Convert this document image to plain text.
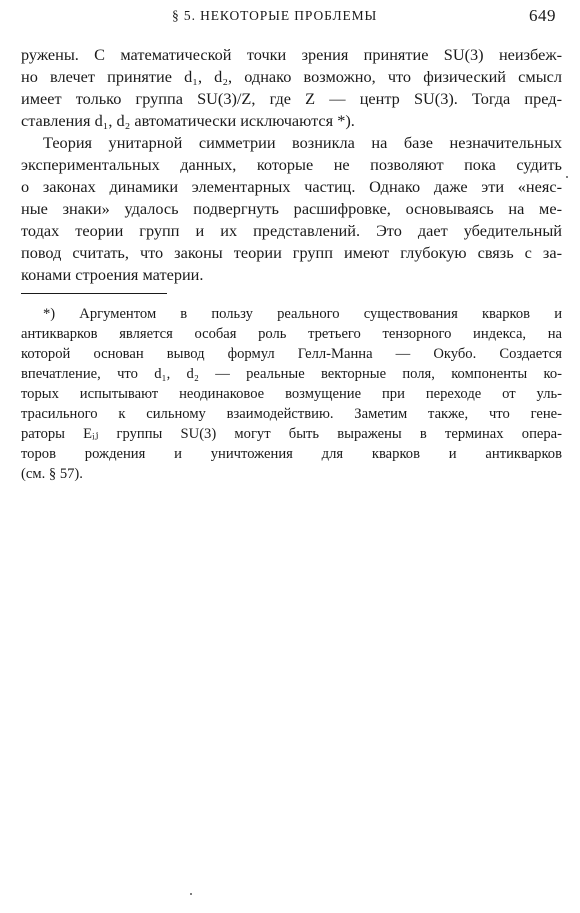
§ 5. НЕКОТОРЫЕ ПРОБЛЕМЫ	649
ружены. С математической точки зрения принятие SU(3) неизбеж-
но влечет принятие d₁, d₂, однако возможно, что физический смысл
имеет только группа SU(3)/Z, где Z — центр SU(3). Тогда пред-
ставления d₁, d₂ автоматически исключаются *).
Теория унитарной симметрии возникла на базе незначительных
экспериментальных данных, которые не позволяют пока судить
о законах динамики элементарных частиц. Однако даже эти «неяс-
ные знаки» удалось подвергнуть расшифровке, основываясь на ме-
тодах теории групп и их представлений. Это дает убедительный
повод считать, что законы теории групп имеют глубокую связь с за-
конами строения материи.
*) Аргументом в пользу реального существования кварков и
антикварков является особая роль третьего тензорного индекса, на
которой основан вывод формул Гелл-Манна — Окубо. Создается
впечатление, что d₁, d₂ — реальные векторные поля, компоненты ко-
торых испытывают неодинаковое возмущение при переходе от уль-
трасильного к сильному взаимодействию. Заметим также, что гене-
раторы Eᵢⱼ группы SU(3) могут быть выражены в терминах опера-
торов рождения и уничтожения для кварков и антикварков
(см. § 57).
